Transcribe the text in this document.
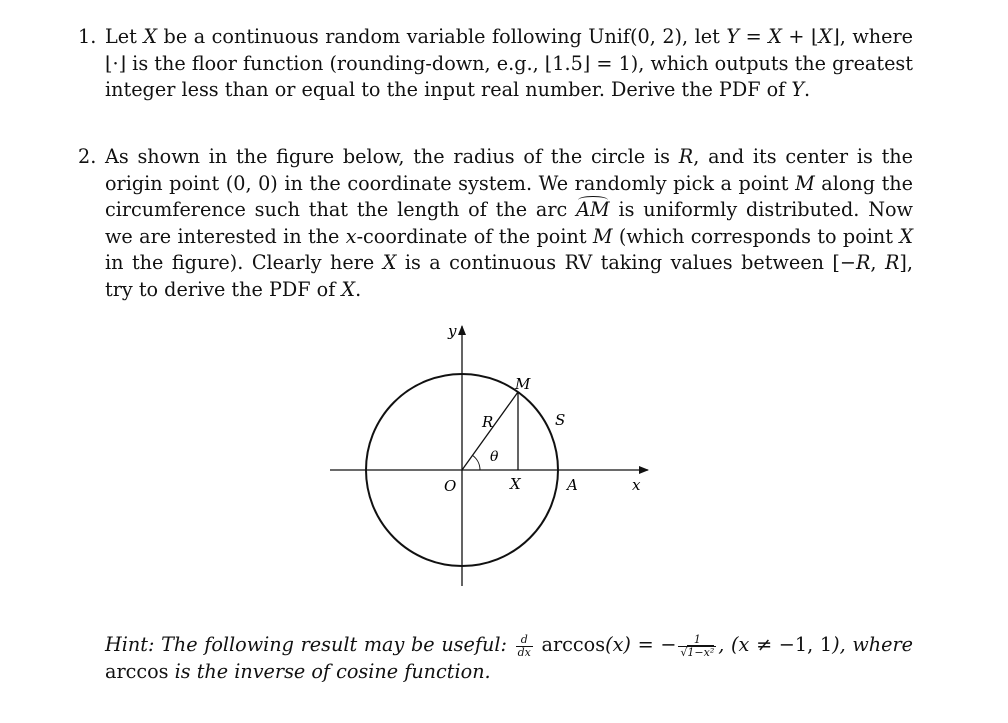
1. Let X be a continuous random variable following Unif(0, 2), let Y = X + ⌊X⌋, where ⌊·⌋ is the floor function (rounding-down, e.g., ⌊1.5⌋ = 1), which outputs the greatest integer less than or equal to the input real number. Derive the PDF of Y.
2. As shown in the figure below, the radius of the circle is R, and its center is the origin point (0, 0) in the coordinate system. We randomly pick a point M along the circumference such that the length of the arc AM is uniformly distributed. Now we are interested in the x-coordinate of the point M (which corresponds to point X in the figure). Clearly here X is a continuous RV taking values between [−R, R], try to derive the PDF of X.
y
x
O	X	A
M
R	S
θ
Hint: The following result may be useful: $\frac{d}{dx} \arccos(x)$ = − $\frac{1}{\text{√1−x²}}$ , (x ≠ −1, 1), where arccos is the inverse of cosine function.
